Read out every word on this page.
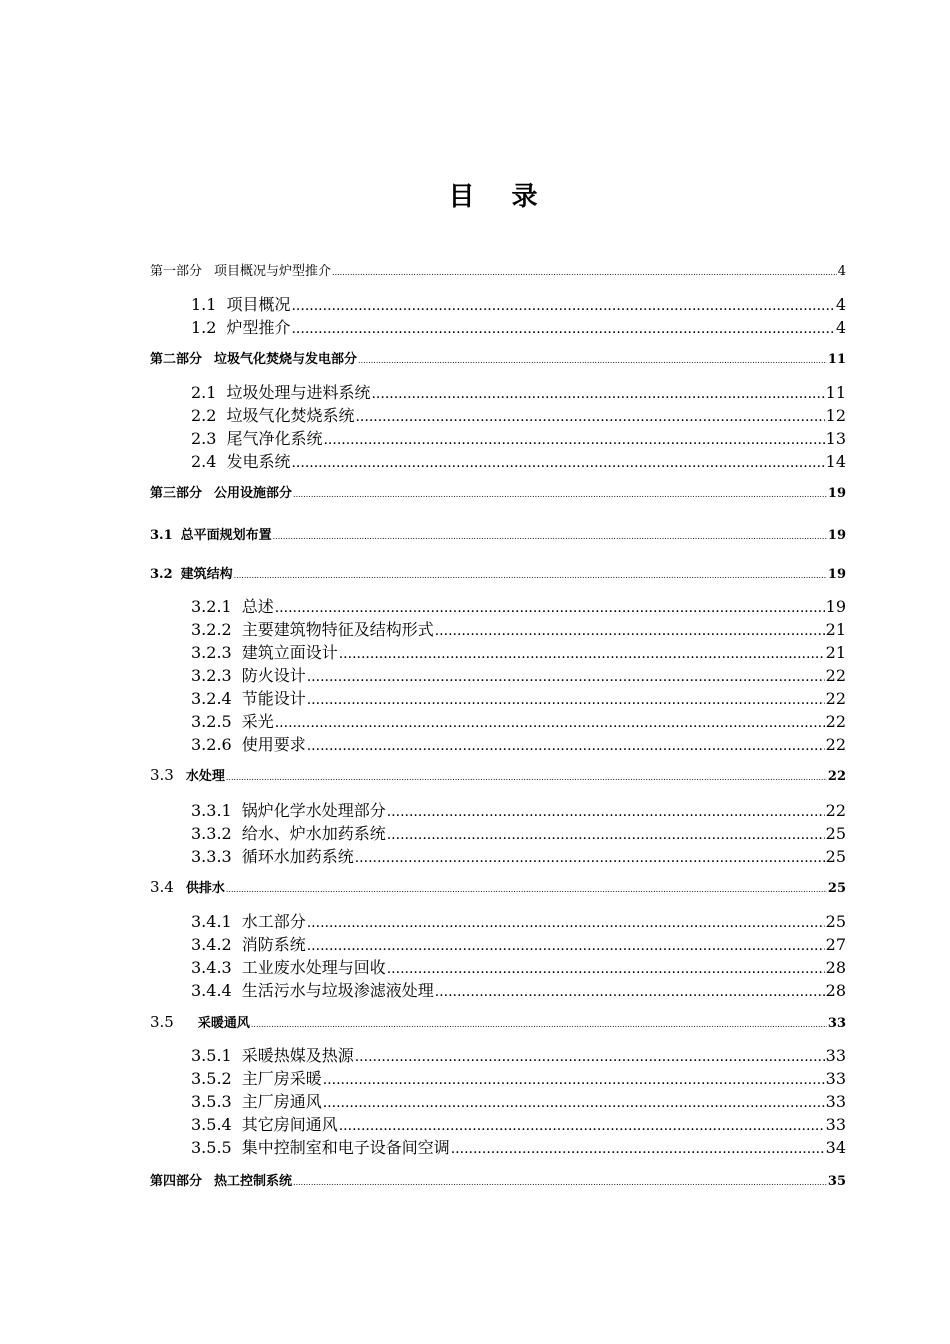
目 录
第一部分 项目概况与炉型推介 .....	4
1.1 项目概况 .....	4
1.2 炉型推介 .....	4
第二部分 垃圾气化焚烧与发电部分 .....	11
2.1 垃圾处理与进料系统 .....	11
2.2 垃圾气化焚烧系统 .....	12
2.3 尾气净化系统 .....	13
2.4 发电系统 .....	14
第三部分 公用设施部分 .....	19
3.1 总平面规划布置 .....	19
3.2 建筑结构 .....	19
3.2.1 总述 .....	19
3.2.2 主要建筑物特征及结构形式 .....	21
3.2.3 建筑立面设计 .....	21
3.2.3 防火设计 .....	22
3.2.4 节能设计 .....	22
3.2.5 采光 .....	22
3.2.6 使用要求 .....	22
3.3 水处理 .....	22
3.3.1 锅炉化学水处理部分 .....	22
3.3.2 给水、炉水加药系统 .....	25
3.3.3 循环水加药系统 .....	25
3.4 供排水 .....	25
3.4.1 水工部分 .....	25
3.4.2 消防系统 .....	27
3.4.3 工业废水处理与回收 .....	28
3.4.4 生活污水与垃圾渗滤液处理 .....	28
3.5 采暖通风 .....	33
3.5.1 采暖热媒及热源 .....	33
3.5.2 主厂房采暖 .....	33
3.5.3 主厂房通风 .....	33
3.5.4 其它房间通风 .....	33
3.5.5 集中控制室和电子设备间空调 .....	34
第四部分 热工控制系统 .....	35
